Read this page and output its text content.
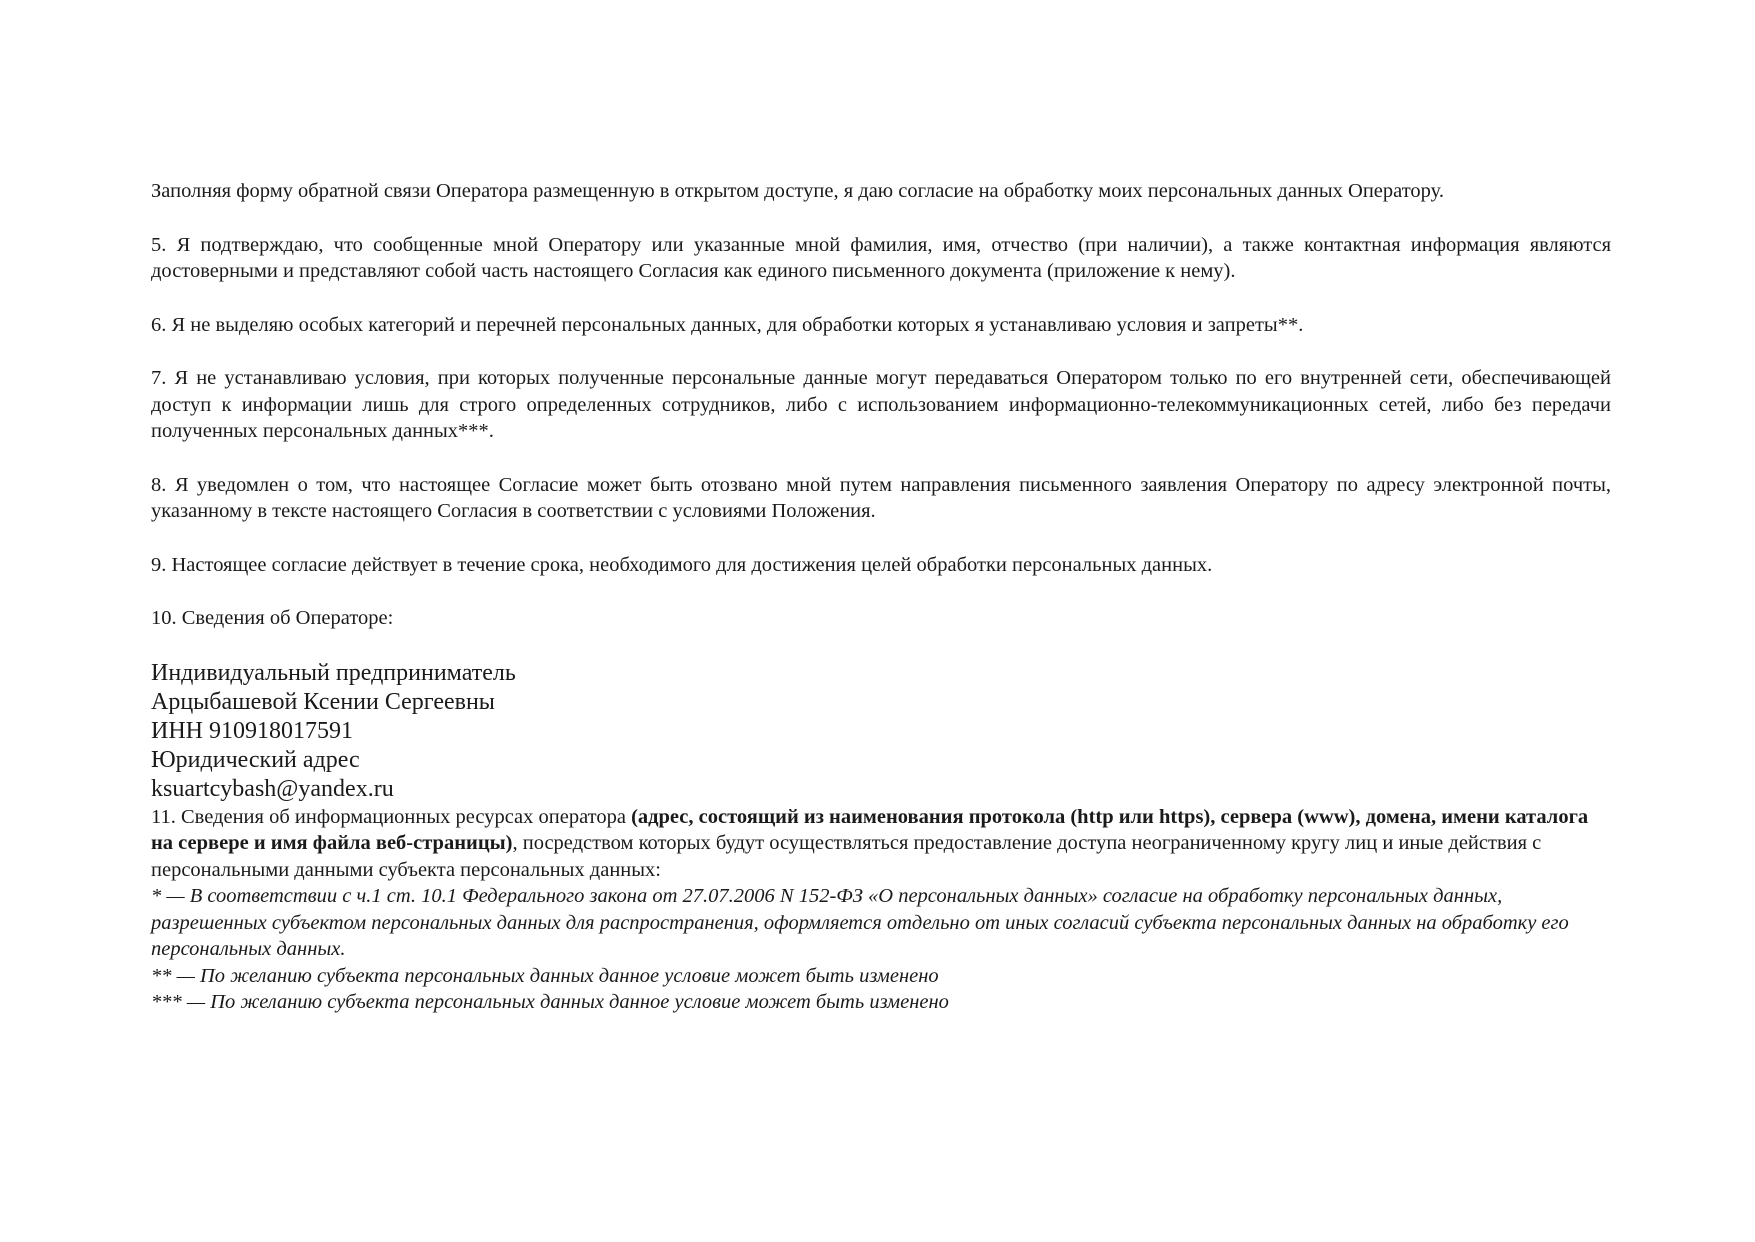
Заполняя форму обратной связи Оператора размещенную в открытом доступе, я даю согласие на обработку моих персональных данных Оператору.

5. Я подтверждаю, что сообщенные мной Оператору или указанные мной фамилия, имя, отчество (при наличии), а также контактная информация являются достоверными и представляют собой часть настоящего Согласия как единого письменного документа (приложение к нему).

6. Я не выделяю особых категорий и перечней персональных данных, для обработки которых я устанавливаю условия и запреты**.

7. Я не устанавливаю условия, при которых полученные персональные данные могут передаваться Оператором только по его внутренней сети, обеспечивающей доступ к информации лишь для строго определенных сотрудников, либо с использованием информационно-телекоммуникационных сетей, либо без передачи полученных персональных данных***.

8. Я уведомлен о том, что настоящее Согласие может быть отозвано мной путем направления письменного заявления Оператору по адресу электронной почты, указанному в тексте настоящего Согласия в соответствии с условиями Положения.

9. Настоящее согласие действует в течение срока, необходимого для достижения целей обработки персональных данных.

10. Сведения об Операторе:

Индивидуальный предприниматель
Арцыбашевой Ксении Сергеевны
ИНН 910918017591
Юридический адрес
ksuartcybash@yandex.ru

11. Сведения об информационных ресурсах оператора (адрес, состоящий из наименования протокола (http или https), сервера (www), домена, имени каталога на сервере и имя файла веб-страницы), посредством которых будут осуществляться предоставление доступа неограниченному кругу лиц и иные действия с персональными данными субъекта персональных данных:

* — В соответствии с ч.1 ст. 10.1 Федерального закона от 27.07.2006 N 152-ФЗ «О персональных данных» согласие на обработку персональных данных, разрешенных субъектом персональных данных для распространения, оформляется отдельно от иных согласий субъекта персональных данных на обработку его персональных данных.

** — По желанию субъекта персональных данных данное условие может быть изменено

*** — По желанию субъекта персональных данных данное условие может быть изменено
